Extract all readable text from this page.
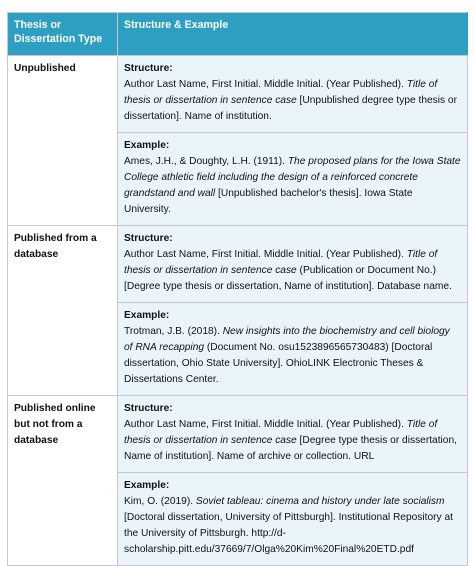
Thesis or Dissertation Type	Structure & Example
Unpublished	Structure:
Author Last Name, First Initial. Middle Initial. (Year Published). Title of thesis or dissertation in sentence case [Unpublished degree type thesis or dissertation]. Name of institution.

	Example:
Ames, J.H., & Doughty, L.H. (1911). The proposed plans for the Iowa State College athletic field including the design of a reinforced concrete grandstand and wall [Unpublished bachelor's thesis]. Iowa State University.
Published from a database	Structure:
Author Last Name, First Initial. Middle Initial. (Year Published). Title of thesis or dissertation in sentence case (Publication or Document No.) [Degree type thesis or dissertation, Name of institution]. Database name.

	Example:
Trotman, J.B. (2018). New insights into the biochemistry and cell biology of RNA recapping (Document No. osu1523896565730483) [Doctoral dissertation, Ohio State University]. OhioLINK Electronic Theses & Dissertations Center.
Published online but not from a database	Structure:
Author Last Name, First Initial. Middle Initial. (Year Published). Title of thesis or dissertation in sentence case [Degree type thesis or dissertation, Name of institution]. Name of archive or collection. URL

	Example:
Kim, O. (2019). Soviet tableau: cinema and history under late socialism [Doctoral dissertation, University of Pittsburgh]. Institutional Repository at the University of Pittsburgh. http://d- scholarship.pitt.edu/37669/7/Olga%20Kim%20Final%20ETD.pdf
